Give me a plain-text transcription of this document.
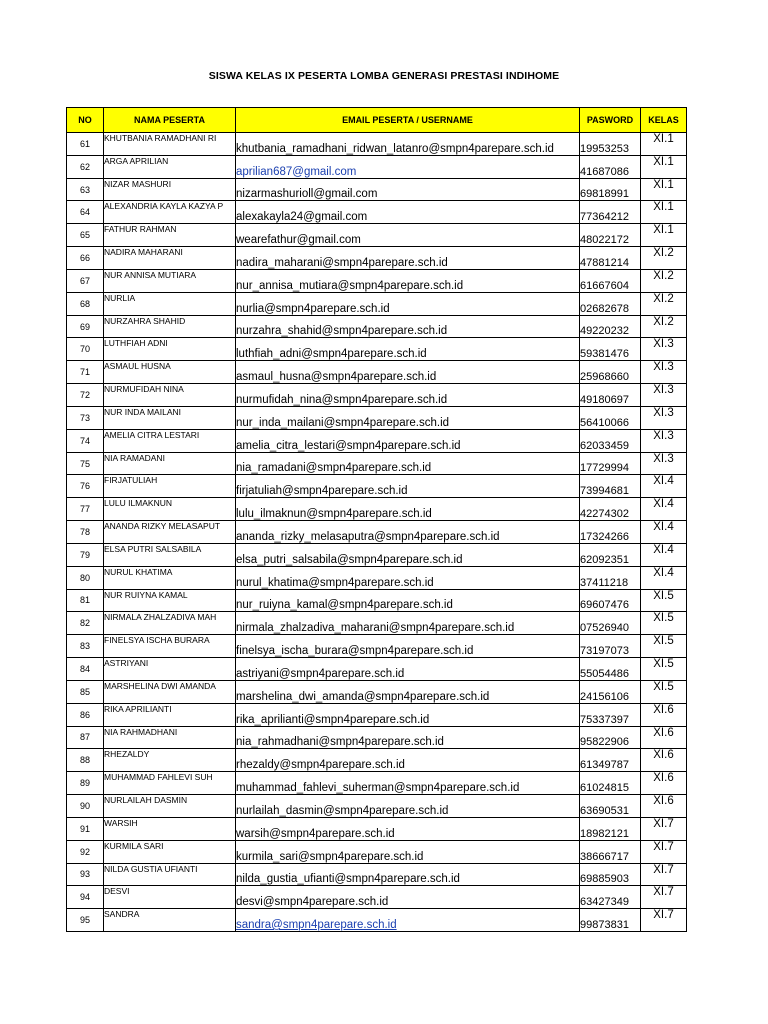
SISWA KELAS IX PESERTA LOMBA GENERASI PRESTASI INDIHOME
NO	NAMA PESERTA	EMAIL PESERTA / USERNAME	PASWORD	KELAS
61	KHUTBANIA RAMADHANI RI	khutbania_ramadhani_ridwan_latanro@smpn4parepare.sch.id	19953253	XI.1
62	ARGA APRILIAN	aprilian687@gmail.com	41687086	XI.1
63	NIZAR MASHURI	nizarmashurioll@gmail.com	69818991	XI.1
64	ALEXANDRIA KAYLA KAZYA P	alexakayla24@gmail.com	77364212	XI.1
65	FATHUR RAHMAN	wearefathur@gmail.com	48022172	XI.1
66	NADIRA MAHARANI	nadira_maharani@smpn4parepare.sch.id	47881214	XI.2
67	NUR ANNISA MUTIARA	nur_annisa_mutiara@smpn4parepare.sch.id	61667604	XI.2
68	NURLIA	nurlia@smpn4parepare.sch.id	02682678	XI.2
69	NURZAHRA SHAHID	nurzahra_shahid@smpn4parepare.sch.id	49220232	XI.2
70	LUTHFIAH ADNI	luthfiah_adni@smpn4parepare.sch.id	59381476	XI.3
71	ASMAUL HUSNA	asmaul_husna@smpn4parepare.sch.id	25968660	XI.3
72	NURMUFIDAH NINA	nurmufidah_nina@smpn4parepare.sch.id	49180697	XI.3
73	NUR INDA MAILANI	nur_inda_mailani@smpn4parepare.sch.id	56410066	XI.3
74	AMELIA CITRA LESTARI	amelia_citra_lestari@smpn4parepare.sch.id	62033459	XI.3
75	NIA RAMADANI	nia_ramadani@smpn4parepare.sch.id	17729994	XI.3
76	FIRJATULIAH	firjatuliah@smpn4parepare.sch.id	73994681	XI.4
77	LULU ILMAKNUN	lulu_ilmaknun@smpn4parepare.sch.id	42274302	XI.4
78	ANANDA RIZKY MELASAPUT	ananda_rizky_melasaputra@smpn4parepare.sch.id	17324266	XI.4
79	ELSA PUTRI SALSABILA	elsa_putri_salsabila@smpn4parepare.sch.id	62092351	XI.4
80	NURUL KHATIMA	nurul_khatima@smpn4parepare.sch.id	37411218	XI.4
81	NUR RUIYNA KAMAL	nur_ruiyna_kamal@smpn4parepare.sch.id	69607476	XI.5
82	NIRMALA ZHALZADIVA MAH	nirmala_zhalzadiva_maharani@smpn4parepare.sch.id	07526940	XI.5
83	FINELSYA ISCHA BURARA	finelsya_ischa_burara@smpn4parepare.sch.id	73197073	XI.5
84	ASTRIYANI	astriyani@smpn4parepare.sch.id	55054486	XI.5
85	MARSHELINA DWI AMANDA	marshelina_dwi_amanda@smpn4parepare.sch.id	24156106	XI.5
86	RIKA APRILIANTI	rika_aprilianti@smpn4parepare.sch.id	75337397	XI.6
87	NIA RAHMADHANI	nia_rahmadhani@smpn4parepare.sch.id	95822906	XI.6
88	RHEZALDY	rhezaldy@smpn4parepare.sch.id	61349787	XI.6
89	MUHAMMAD FAHLEVI SUH	muhammad_fahlevi_suherman@smpn4parepare.sch.id	61024815	XI.6
90	NURLAILAH DASMIN	nurlailah_dasmin@smpn4parepare.sch.id	63690531	XI.6
91	WARSIH	warsih@smpn4parepare.sch.id	18982121	XI.7
92	KURMILA SARI	kurmila_sari@smpn4parepare.sch.id	38666717	XI.7
93	NILDA GUSTIA UFIANTI	nilda_gustia_ufianti@smpn4parepare.sch.id	69885903	XI.7
94	DESVI	desvi@smpn4parepare.sch.id	63427349	XI.7
95	SANDRA	sandra@smpn4parepare.sch.id	99873831	XI.7
